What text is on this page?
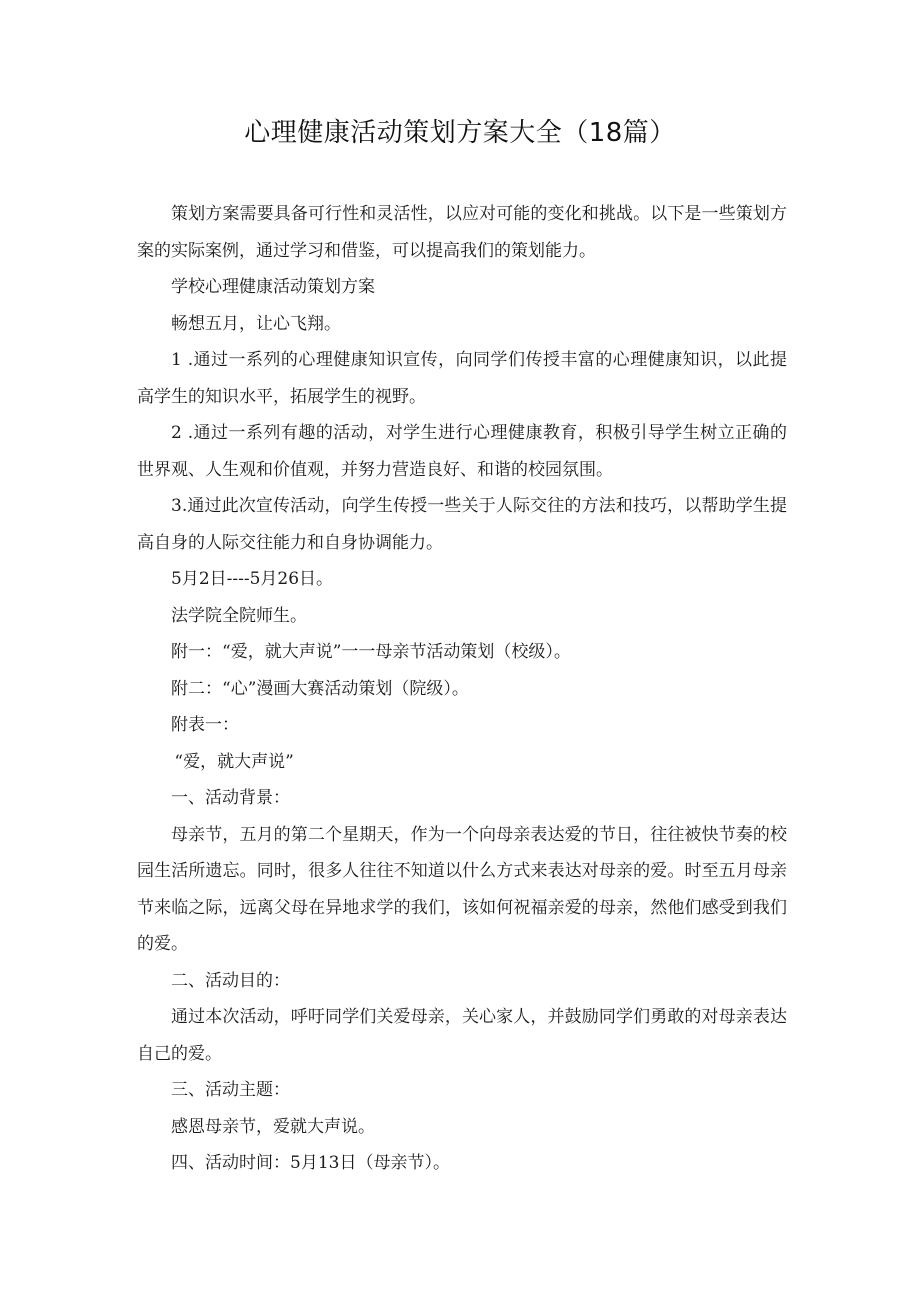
心理健康活动策划方案大全（18篇）

策划方案需要具备可行性和灵活性，以应对可能的变化和挑战。以下是一些策划方案的实际案例，通过学习和借鉴，可以提高我们的策划能力。

学校心理健康活动策划方案

畅想五月，让心飞翔。

1 .通过一系列的心理健康知识宣传，向同学们传授丰富的心理健康知识，以此提高学生的知识水平，拓展学生的视野。

2 .通过一系列有趣的活动，对学生进行心理健康教育，积极引导学生树立正确的世界观、人生观和价值观，并努力营造良好、和谐的校园氛围。

3.通过此次宣传活动，向学生传授一些关于人际交往的方法和技巧，以帮助学生提高自身的人际交往能力和自身协调能力。

5月2日----5月26日。

法学院全院师生。

附一：“爱，就大声说”一一母亲节活动策划（校级）。

附二：“心”漫画大赛活动策划（院级）。

附表一：

“爱，就大声说”

一、活动背景：

母亲节，五月的第二个星期天，作为一个向母亲表达爱的节日，往往被快节奏的校园生活所遗忘。同时，很多人往往不知道以什么方式来表达对母亲的爱。时至五月母亲节来临之际，远离父母在异地求学的我们，该如何祝福亲爱的母亲，然他们感受到我们的爱。

二、活动目的：

通过本次活动，呼吁同学们关爱母亲，关心家人，并鼓励同学们勇敢的对母亲表达自己的爱。

三、活动主题：

感恩母亲节，爱就大声说。

四、活动时间：5月13日（母亲节）。
